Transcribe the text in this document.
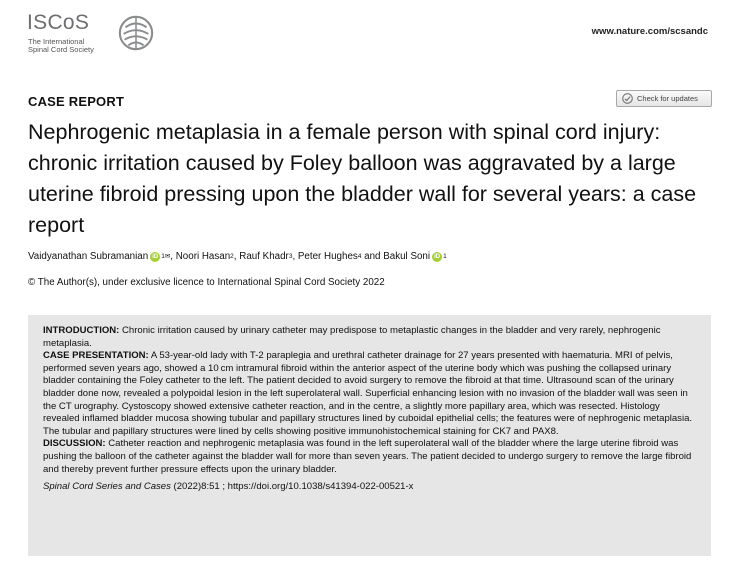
ISCoS
The International
Spinal Cord Society
www.nature.com/scsandc
CASE REPORT	Check for updates
Nephrogenic metaplasia in a female person with spinal cord injury: chronic irritation caused by Foley balloon was aggravated by a large uterine fibroid pressing upon the bladder wall for several years: a case report
Vaidyanathan Subramanian iD 1✉ , Noori Hasan 2 , Rauf Khadr 3 , Peter Hughes 4 and Bakul Soni iD 1
© The Author(s), under exclusive licence to International Spinal Cord Society 2022

INTRODUCTION: Chronic irritation caused by urinary catheter may predispose to metaplastic changes in the bladder and very rarely, nephrogenic metaplasia.

CASE PRESENTATION: A 53-year-old lady with T-2 paraplegia and urethral catheter drainage for 27 years presented with haematuria. MRI of pelvis, performed seven years ago, showed a 10 cm intramural fibroid within the anterior aspect of the uterine body which was pushing the collapsed urinary bladder containing the Foley catheter to the left. The patient decided to avoid surgery to remove the fibroid at that time. Ultrasound scan of the urinary bladder done now, revealed a polypoidal lesion in the left superolateral wall. Superficial enhancing lesion with no invasion of the bladder wall was seen in the CT urography. Cystoscopy showed extensive catheter reaction, and in the centre, a slightly more papillary area, which was resected. Histology revealed inflamed bladder mucosa showing tubular and papillary structures lined by cuboidal epithelial cells; the features were of nephrogenic metaplasia. The tubular and papillary structures were lined by cells showing positive immunohistochemical staining for CK7 and PAX8.

DISCUSSION: Catheter reaction and nephrogenic metaplasia was found in the left superolateral wall of the bladder where the large uterine fibroid was pushing the balloon of the catheter against the bladder wall for more than seven years. The patient decided to undergo surgery to remove the large fibroid and thereby prevent further pressure effects upon the urinary bladder.

Spinal Cord Series and Cases (2022)8:51 ; https://doi.org/10.1038/s41394-022-00521-x
